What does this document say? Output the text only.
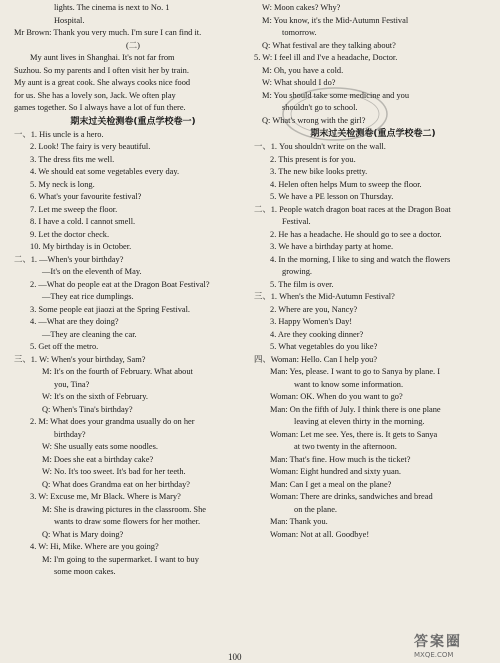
lights. The cinema is next to No. 1
Hospital.
Mr Brown: Thank you very much. I'm sure I can find it.
(二)
My aunt lives in Shanghai. It's not far from
Suzhou. So my parents and I often visit her by train.
My aunt is a great cook. She always cooks nice food
for us. She has a lovely son, Jack. We often play
games together. So I always have a lot of fun there.
期末过关检测卷(重点学校卷一)
一、1. His uncle is a hero.
2. Look! The fairy is very beautiful.
3. The dress fits me well.
4. We should eat some vegetables every day.
5. My neck is long.
6. What's your favourite festival?
7. Let me sweep the floor.
8. I have a cold. I cannot smell.
9. Let the doctor check.
10. My birthday is in October.
二、1. —When's your birthday?
—It's on the eleventh of May.
2. —What do people eat at the Dragon Boat Festival?
—They eat rice dumplings.
3. Some people eat jiaozi at the Spring Festival.
4. —What are they doing?
—They are cleaning the car.
5. Get off the metro.
三、1. W: When's your birthday, Sam?
M: It's on the fourth of February. What about
you, Tina?
W: It's on the sixth of February.
Q: When's Tina's birthday?
2. M: What does your grandma usually do on her
birthday?
W: She usually eats some noodles.
M: Does she eat a birthday cake?
W: No. It's too sweet. It's bad for her teeth.
Q: What does Grandma eat on her birthday?
3. W: Excuse me, Mr Black. Where is Mary?
M: She is drawing pictures in the classroom. She
wants to draw some flowers for her mother.
Q: What is Mary doing?
4. W: Hi, Mike. Where are you going?
M: I'm going to the supermarket. I want to buy
some moon cakes.
W: Moon cakes? Why?
M: You know, it's the Mid-Autumn Festival
tomorrow.
Q: What festival are they talking about?
5. W: I feel ill and I've a headache, Doctor.
M: Oh, you have a cold.
W: What should I do?
M: You should take some medicine and you
shouldn't go to school.
Q: What's wrong with the girl?
期末过关检测卷(重点学校卷二)
一、1. You shouldn't write on the wall.
2. This present is for you.
3. The new bike looks pretty.
4. Helen often helps Mum to sweep the floor.
5. We have a PE lesson on Thursday.
二、1. People watch dragon boat races at the Dragon Boat
Festival.
2. He has a headache. He should go to see a doctor.
3. We have a birthday party at home.
4. In the morning, I like to sing and watch the flowers
growing.
5. The film is over.
三、1. When's the Mid-Autumn Festival?
2. Where are you, Nancy?
3. Happy Women's Day!
4. Are they cooking dinner?
5. What vegetables do you like?
四、Woman: Hello. Can I help you?
Man: Yes, please. I want to go to Sanya by plane. I
want to know some information.
Woman: OK. When do you want to go?
Man: On the fifth of July. I think there is one plane
leaving at eleven thirty in the morning.
Woman: Let me see. Yes, there is. It gets to Sanya
at two twenty in the afternoon.
Man: That's fine. How much is the ticket?
Woman: Eight hundred and sixty yuan.
Man: Can I get a meal on the plane?
Woman: There are drinks, sandwiches and bread
on the plane.
Man: Thank you.
Woman: Not at all. Goodbye!
100
答案圈
MXQE.COM
